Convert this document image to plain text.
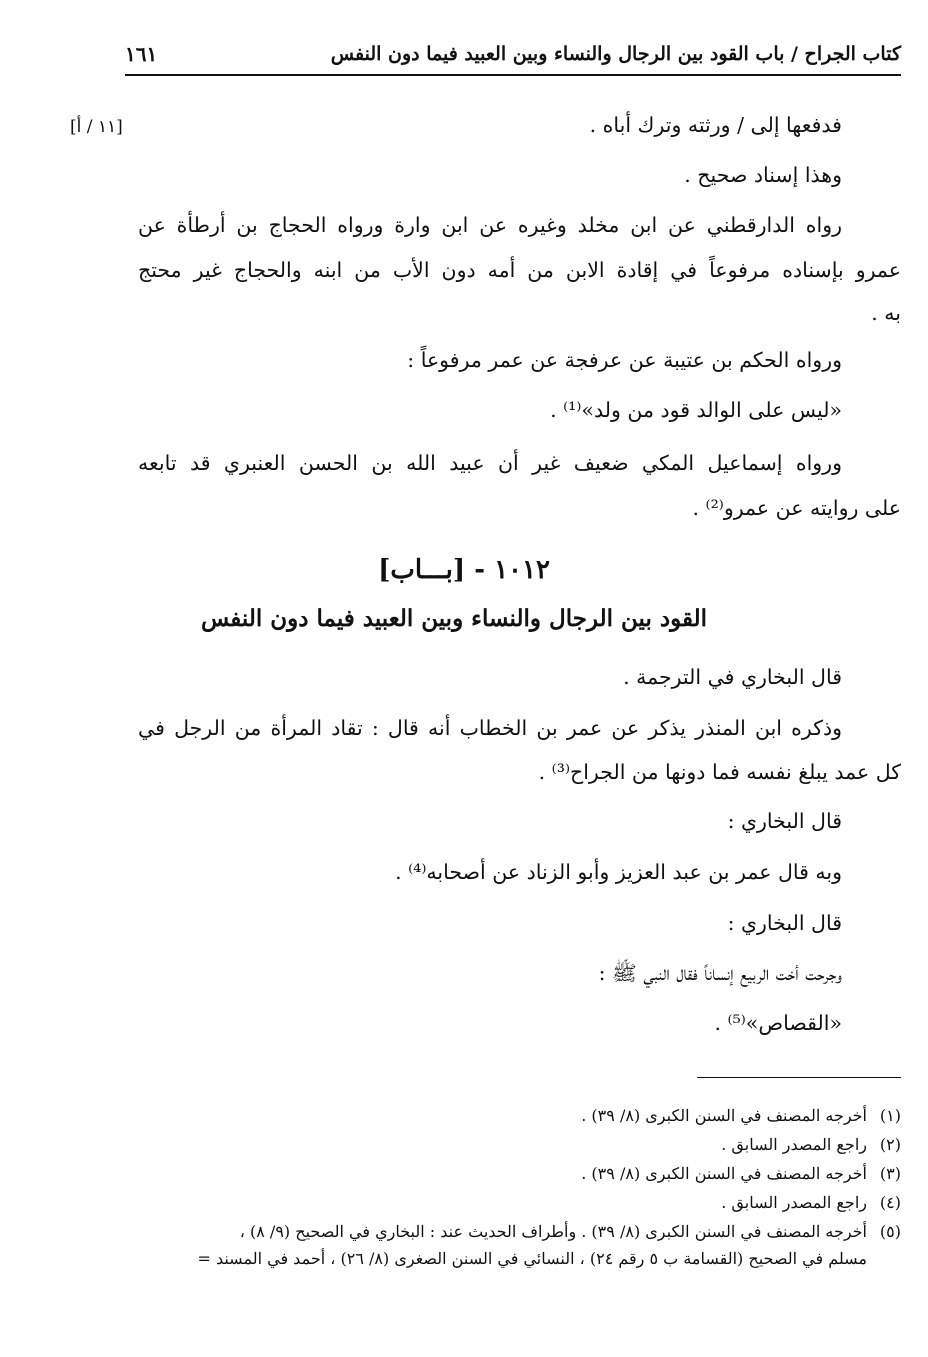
كتاب الجراح / باب القود بين الرجال والنساء وبين العبيد فيما دون النفس
١٦١
[١١ / أ]	فدفعها إلى / ورثته وترك أباه .
وهذا إسناد صحيح .
رواه الدارقطني عن ابن مخلد وغيره عن ابن وارة ورواه الحجاج بن أرطأة عن
عمرو بإسناده مرفوعاً في إقادة الابن من أمه دون الأب من ابنه والحجاج غير محتج
به .
ورواه الحكم بن عتيبة عن عرفجة عن عمر مرفوعاً :
«ليس على الوالد قود من ولد»⁽¹⁾ .
ورواه إسماعيل المكي ضعيف غير أن عبيد الله بن الحسن العنبري قد تابعه
على روايته عن عمرو⁽²⁾ .
١٠١٢ - [بـــاب]
القود بين الرجال والنساء وبين العبيد فيما دون النفس
قال البخاري في الترجمة .
وذكره ابن المنذر يذكر عن عمر بن الخطاب أنه قال : تقاد المرأة من الرجل في
كل عمد يبلغ نفسه فما دونها من الجراح⁽³⁾ .
قال البخاري :
وبه قال عمر بن عبد العزيز وأبو الزناد عن أصحابه⁽⁴⁾ .
قال البخاري :
وجرحت أخت الربيع إنساناً فقال النبي ﷺ :
«القصاص»⁽⁵⁾ .
(١)أخرجه المصنف في السنن الكبرى (٨/ ٣٩) .
(٢)راجع المصدر السابق .
(٣)أخرجه المصنف في السنن الكبرى (٨/ ٣٩) .
(٤)راجع المصدر السابق .
(٥)أخرجه المصنف في السنن الكبرى (٨/ ٣٩) . وأطراف الحديث عند : البخاري في الصحيح (٩/ ٨) ،
مسلم في الصحيح (القسامة ب ٥ رقم ٢٤) ، النسائي في السنن الصغرى (٨/ ٢٦) ، أحمد في المسند =
